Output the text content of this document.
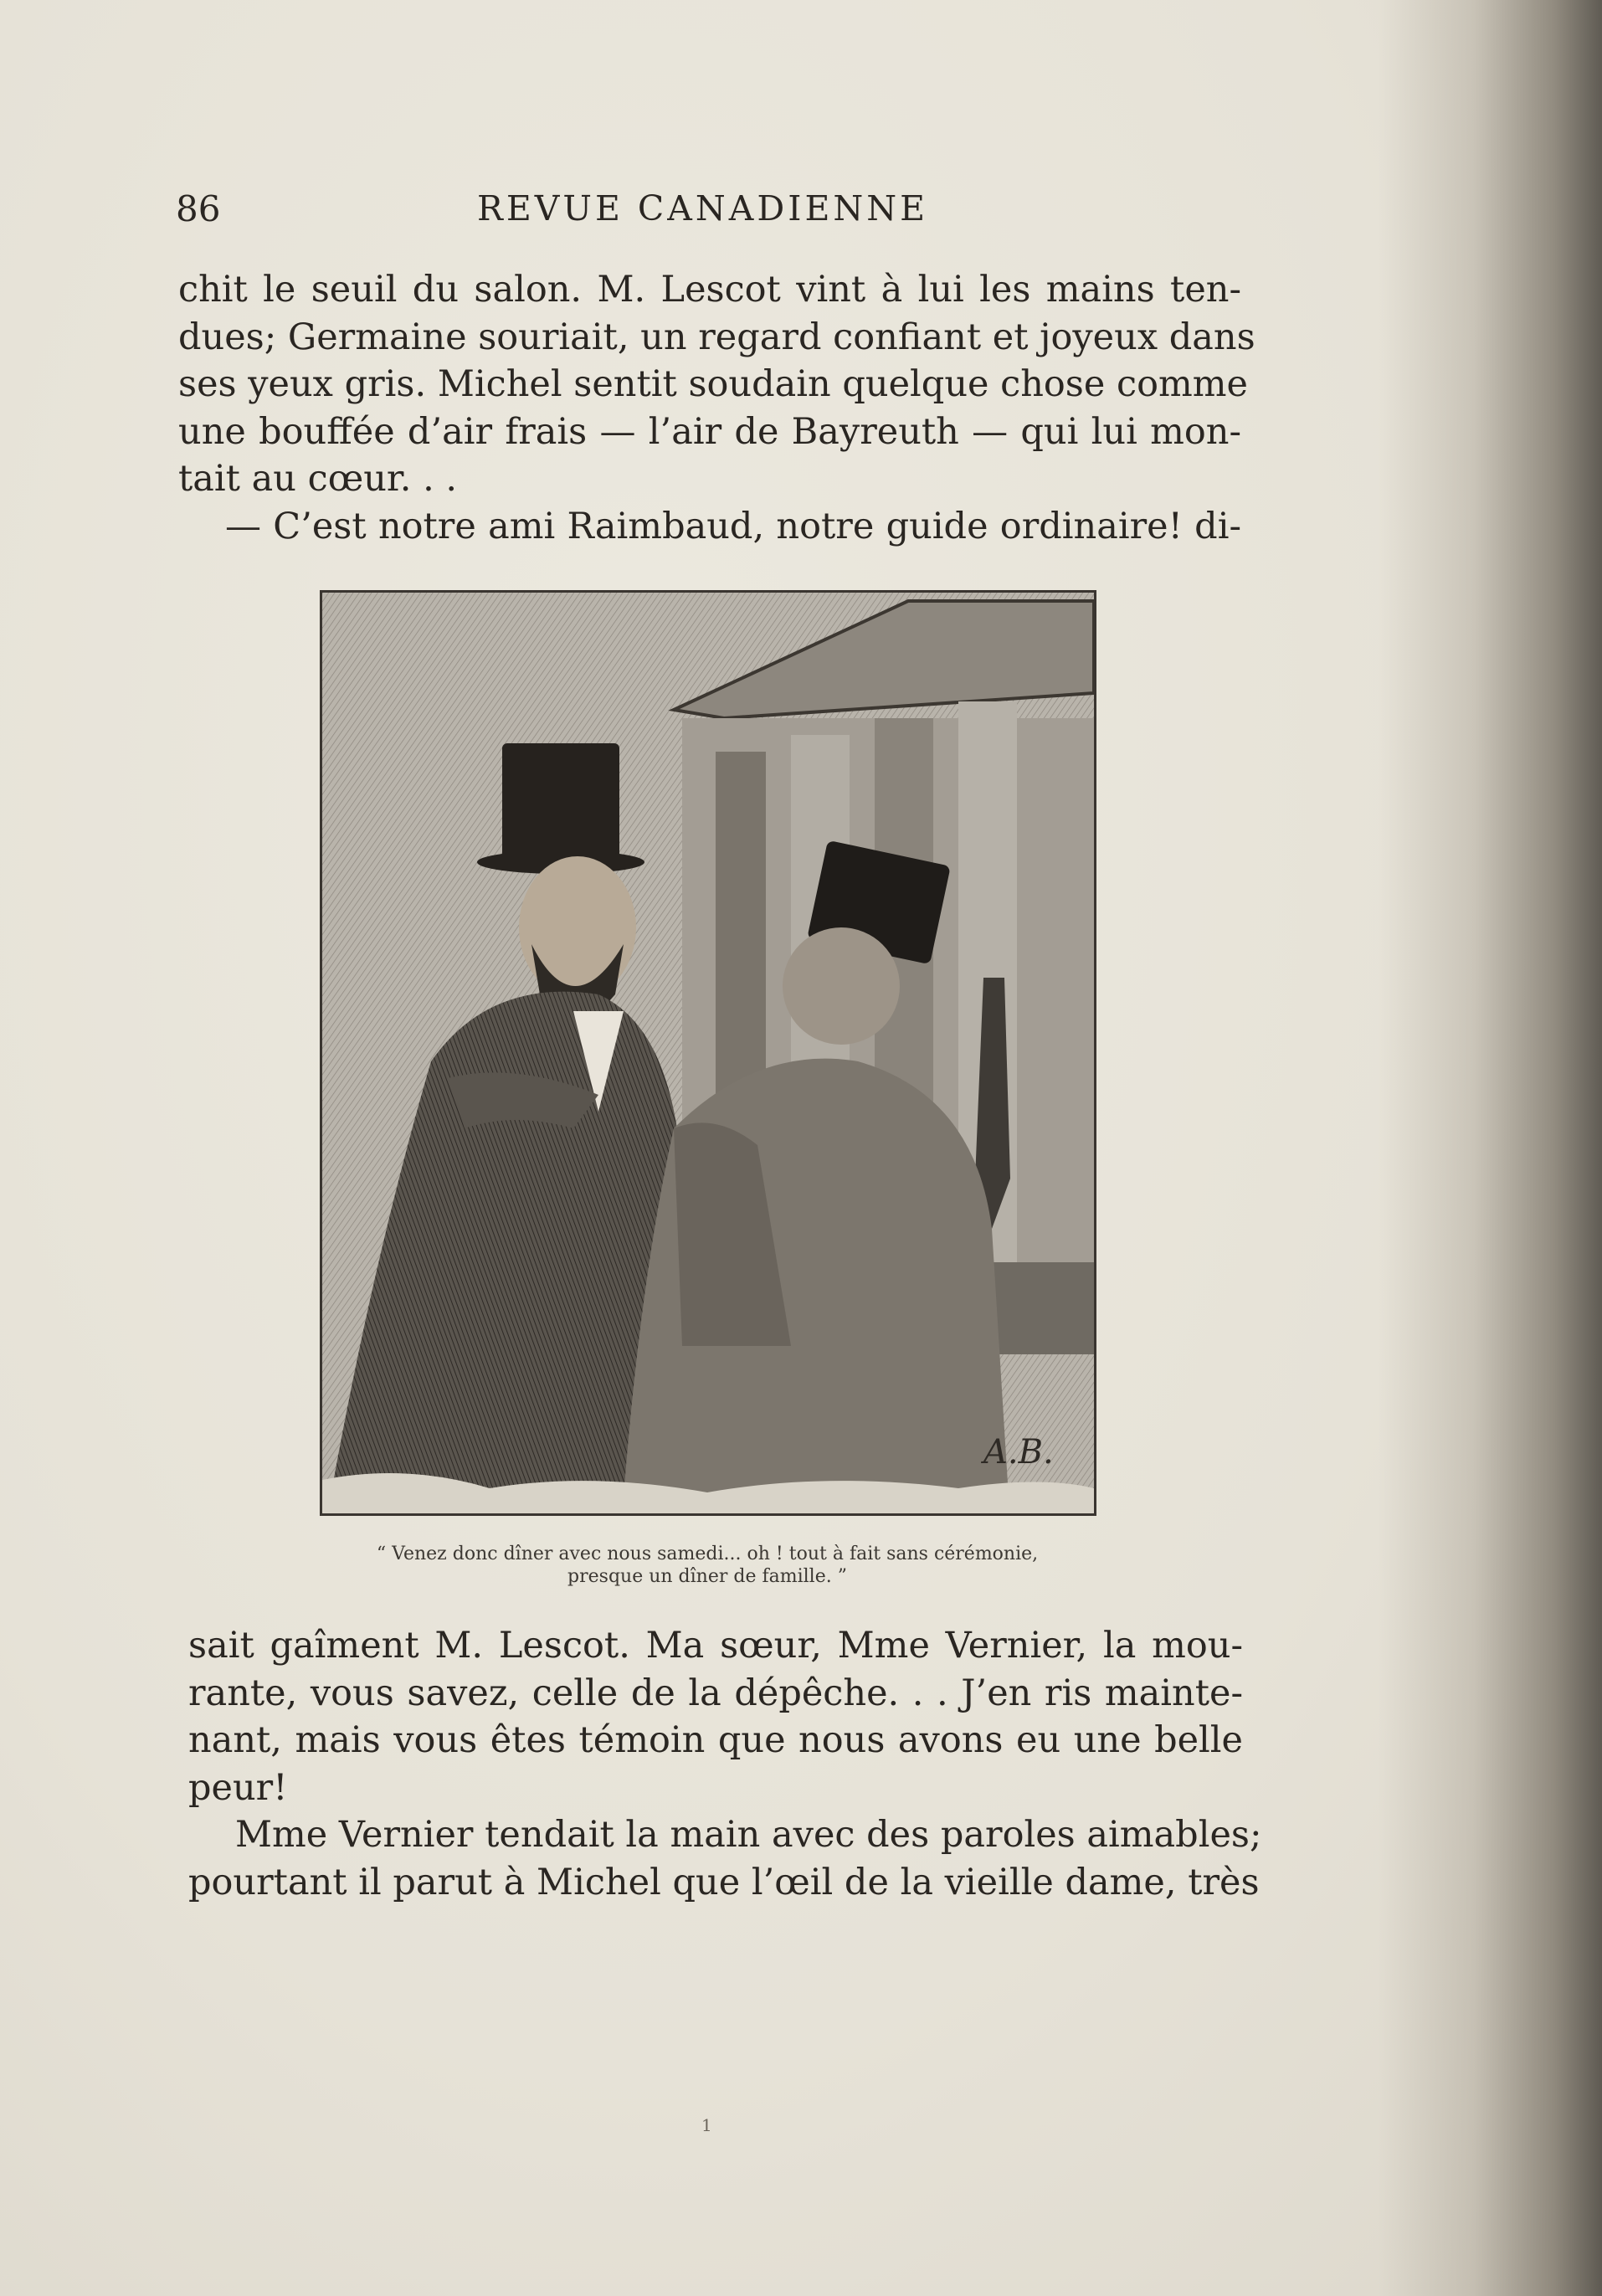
86	REVUE CANADIENNE
chit le seuil du salon. M. Lescot vint à lui les mains ten-
dues; Germaine souriait, un regard confiant et joyeux dans
ses yeux gris. Michel sentit soudain quelque chose comme
une bouffée d’air frais — l’air de Bayreuth — qui lui mon-
tait au cœur. . .
— C’est notre ami Raimbaud, notre guide ordinaire! di-
A.B.
“ Venez donc dîner avec nous samedi... oh ! tout à fait sans cérémonie,
presque un dîner de famille. ”
sait gaîment M. Lescot. Ma sœur, Mme Vernier, la mou-
rante, vous savez, celle de la dépêche. . . J’en ris mainte-
nant, mais vous êtes témoin que nous avons eu une belle
peur!
Mme Vernier tendait la main avec des paroles aimables;
pourtant il parut à Michel que l’œil de la vieille dame, très
1
